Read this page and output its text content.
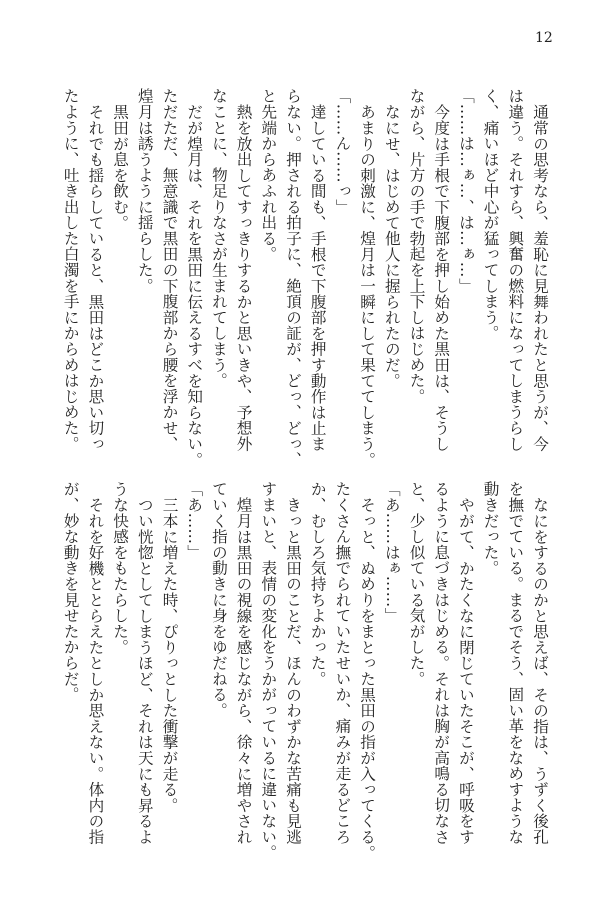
12
通常の思考なら、羞恥に見舞われたと思うが、今
は違う。それすら、興奮の燃料になってしまうらし
く、痛いほど中心が猛ってしまう。
「……は…ぁ…、は…ぁ…」
今度は手根で下腹部を押し始めた黒田は、そうし
ながら、片方の手で勃起を上下しはじめた。
なにせ、はじめて他人に握られたのだ。
あまりの刺激に、煌月は一瞬にして果ててしまう。
「……ん……っ」
達している間も、手根で下腹部を押す動作は止ま
らない。押される拍子に、絶頂の証が、どっ、どっ、
と先端からあふれ出る。
熱を放出してすっきりするかと思いきや、予想外
なことに、物足りなさが生まれてしまう。
だが煌月は、それを黒田に伝えるすべを知らない。
ただただ、無意識で黒田の下腹部から腰を浮かせ、
煌月は誘うように揺らした。
黒田が息を飲む。
それでも揺らしていると、黒田はどこか思い切っ
たように、吐き出した白濁を手にからめはじめた。
なにをするのかと思えば、その指は、うずく後孔
を撫でている。まるでそう、固い革をなめすような
動きだった。
やがて、かたくなに閉じていたそこが、呼吸をす
るように息づきはじめる。それは胸が高鳴る切なさ
と、少し似ている気がした。
「あ……はぁ……」
そっと、ぬめりをまとった黒田の指が入ってくる。
たくさん撫でられていたせいか、痛みが走るどころ
か、むしろ気持ちよかった。
きっと黒田のことだ、ほんのわずかな苦痛も見逃
すまいと、表情の変化をうかがっているに違いない。
煌月は黒田の視線を感じながら、徐々に増やされ
ていく指の動きに身をゆだねる。
「あ……」
三本に増えた時、ぴりっとした衝撃が走る。
つい恍惚としてしまうほど、それは天にも昇るよ
うな快感をもたらした。
それを好機ととらえたとしか思えない。体内の指
が、妙な動きを見せたからだ。
